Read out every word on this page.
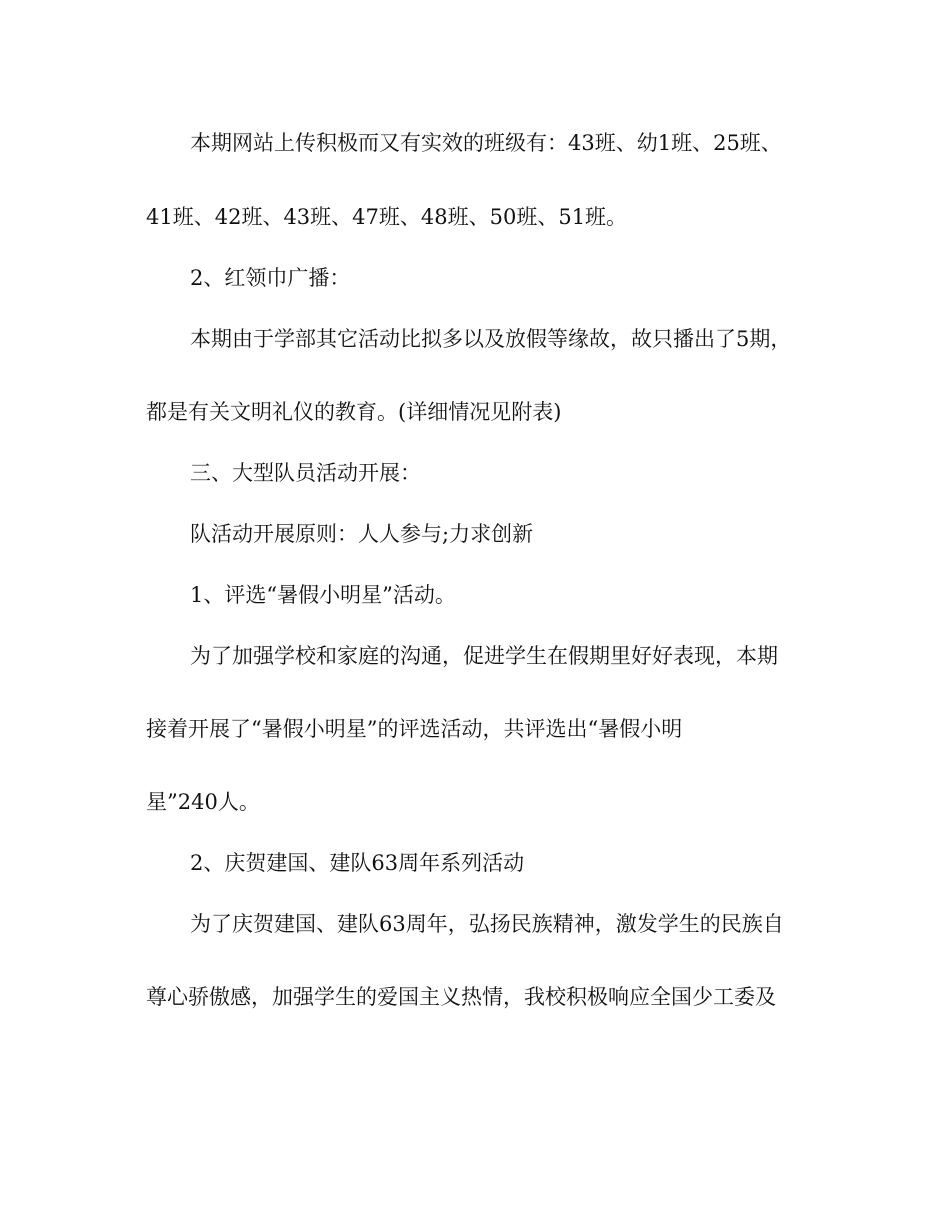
本期网站上传积极而又有实效的班级有：43班、幼1班、25班、

41班、42班、43班、47班、48班、50班、51班。

2、红领巾广播：

本期由于学部其它活动比拟多以及放假等缘故，故只播出了5期，

都是有关文明礼仪的教育。(详细情况见附表)

三、大型队员活动开展：

队活动开展原则：人人参与;力求创新

1、评选“暑假小明星”活动。

为了加强学校和家庭的沟通，促进学生在假期里好好表现，本期

接着开展了“暑假小明星”的评选活动，共评选出“暑假小明

星”240人。

2、庆贺建国、建队63周年系列活动

为了庆贺建国、建队63周年，弘扬民族精神，激发学生的民族自

尊心骄傲感，加强学生的爱国主义热情，我校积极响应全国少工委及
